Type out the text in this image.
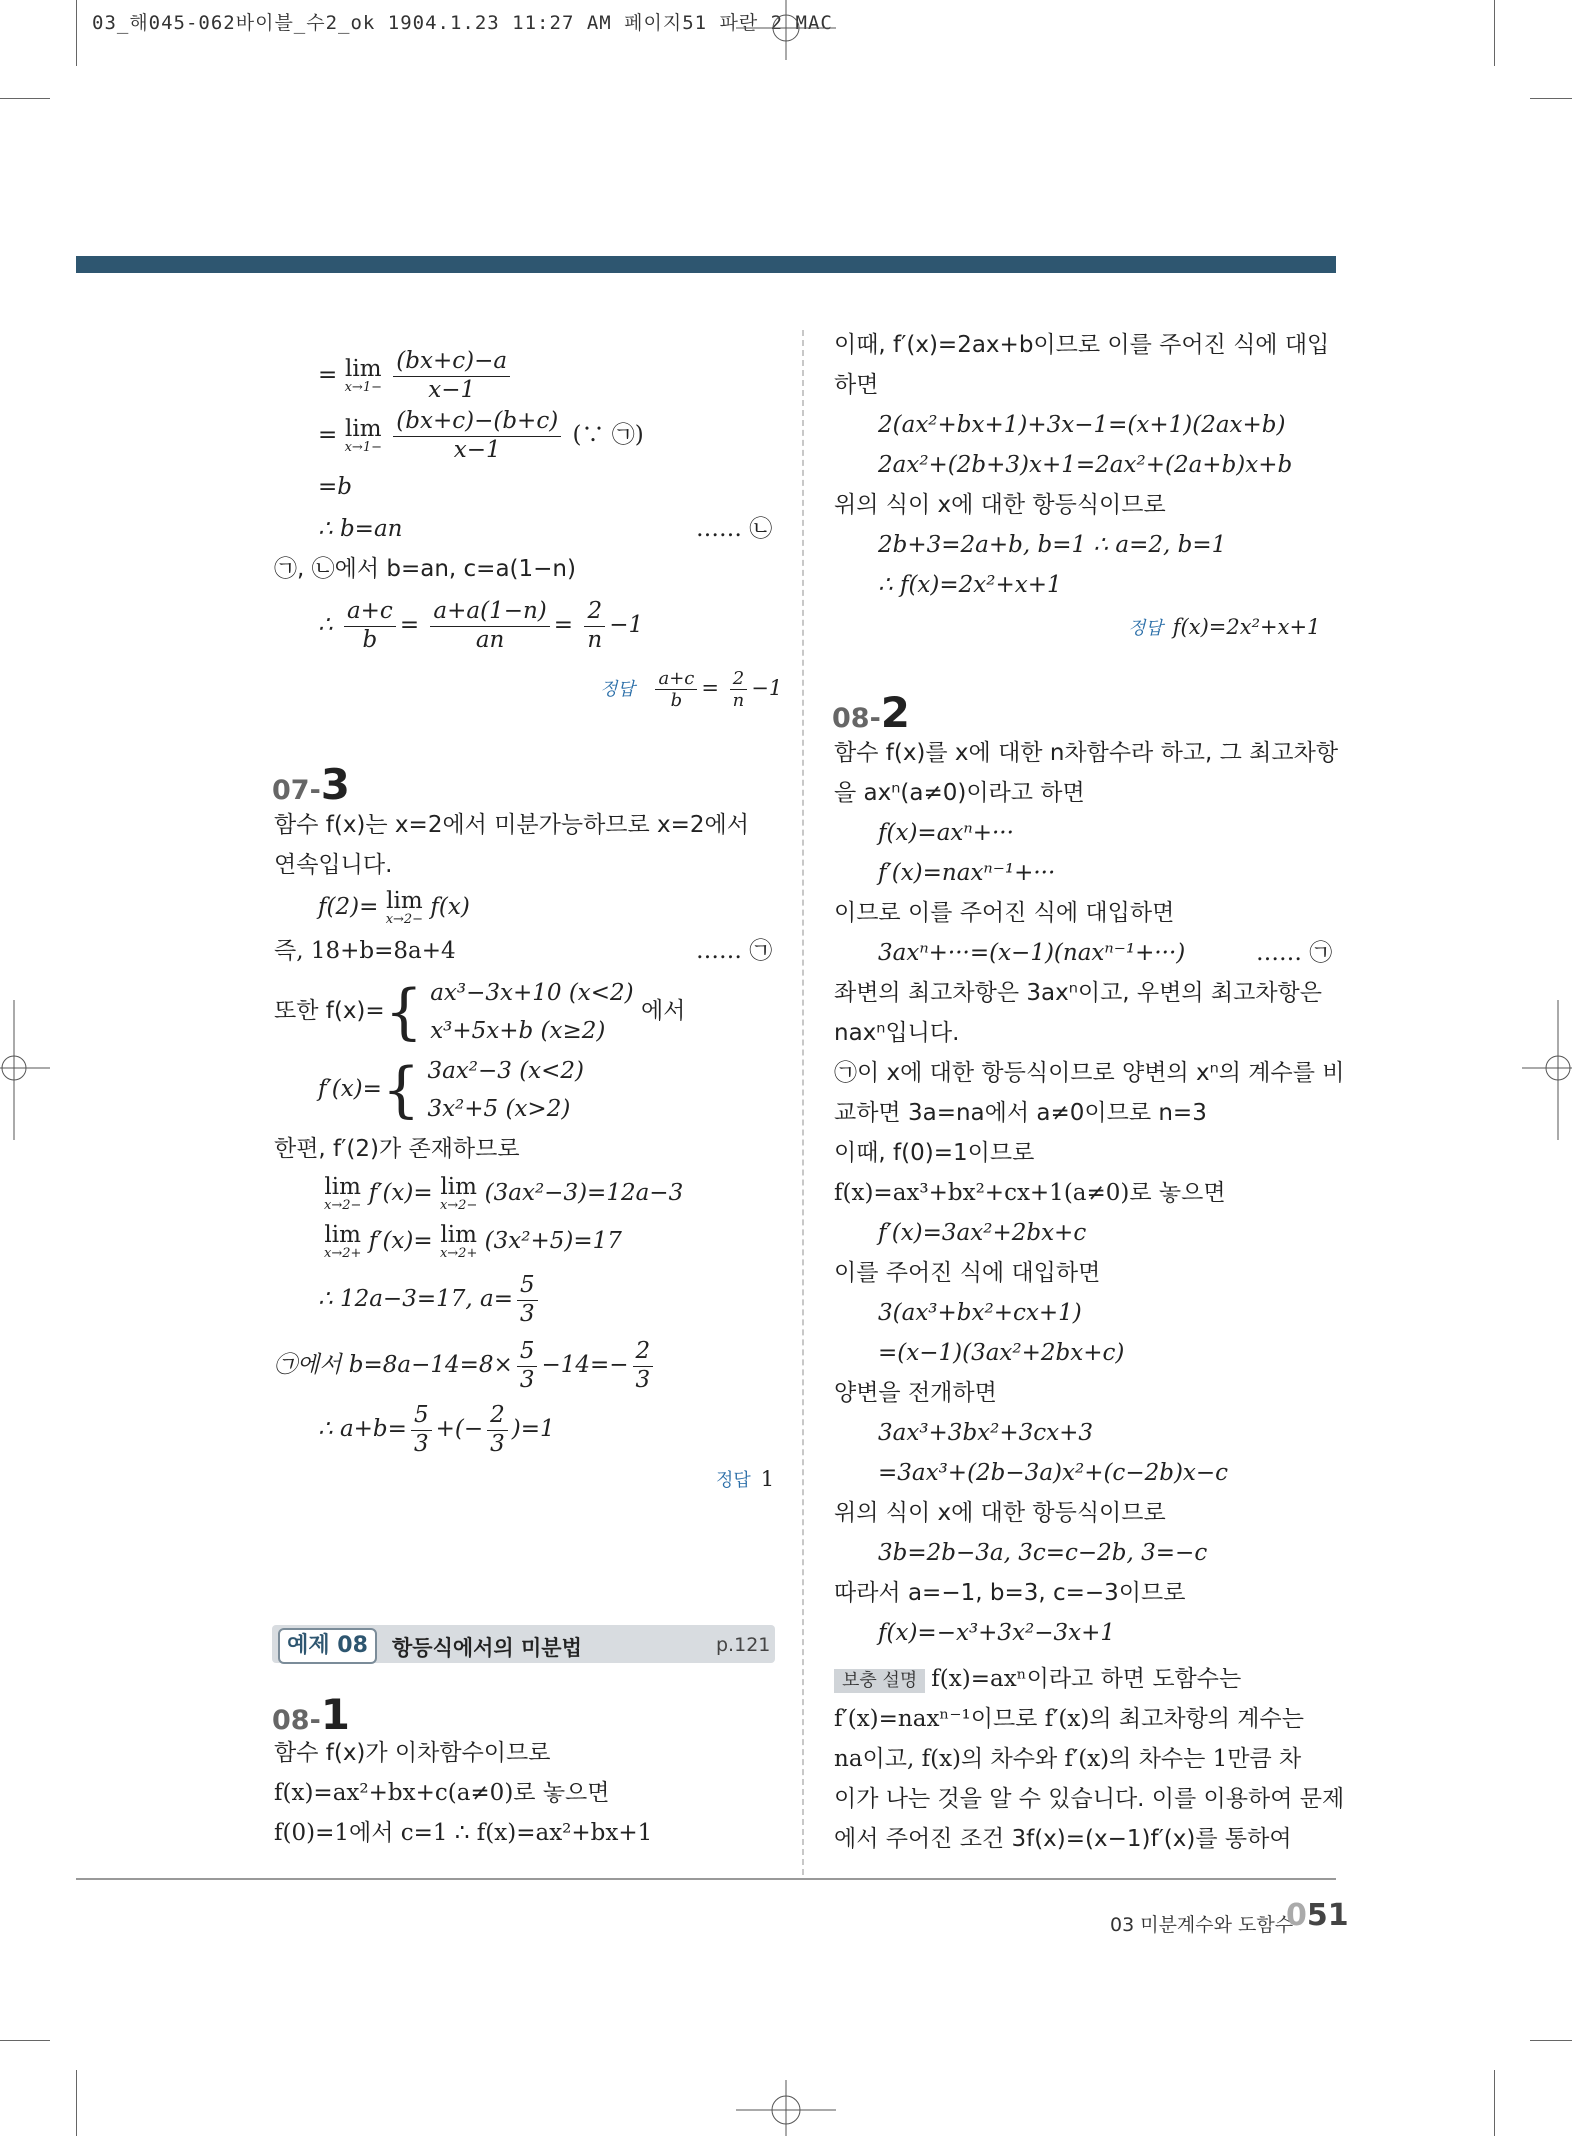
03_해045-062바이블_수2_ok 1904.1.23 11:27 AM 페이지51 파란 2 MAC
= lim
x→1−
$\frac{(bx+c)-a}{x-1}$
= lim
x→1−
$\frac{(bx+c)-(b+c)}{x-1}$ (∵ ㉠)
=b
∴ b=an	…… ㉡
㉠, ㉡에서 b=an, c=a(1−n)
∴ $\frac{a+c}{b} = \frac{a+a(1-n)}{an} = \frac{2}{n} -1$
정답 $\frac{a+c}{b} = \frac{2}{n} -1$
07-3
함수 f(x)는 x=2에서 미분가능하므로 x=2에서
연속입니다.
f(2)= lim
x→2− f(x)
즉, 18+b=8a+4	…… ㉠
또한 f(x)={ ax³−3x+10 (x<2)
x³+5x+b (x≥2)
에서
f′(x)={ 3ax²−3 (x<2)
3x²+5 (x>2)
한편, f′(2)가 존재하므로
lim
x→2− f′(x)= lim
x→2− (3ax²−3)=12a−3
lim
x→2+ f′(x)= lim
x→2+ (3x²+5)=17
∴ 12a−3=17, $a= \frac{5}{3}$
㉠에서 $b=8a-14=8\times \frac{5}{3} -14=- \frac{2}{3}$
∴ $a+b= \frac{5}{3}$ +(− $\frac{2}{3} )=1$
정답 1
예제 08	항등식에서의 미분법	p.121
08-1
함수 f(x)가 이차함수이므로
f(x)=ax²+bx+c(a≠0)로 놓으면
f(0)=1에서 c=1 ∴ f(x)=ax²+bx+1
이때, f′(x)=2ax+b이므로 이를 주어진 식에 대입
하면
2(ax²+bx+1)+3x−1=(x+1)(2ax+b)
2ax²+(2b+3)x+1=2ax²+(2a+b)x+b
위의 식이 x에 대한 항등식이므로
2b+3=2a+b, b=1 ∴ a=2, b=1
∴ f(x)=2x²+x+1
정답 f(x)=2x²+x+1
08-2
함수 f(x)를 x에 대한 n차함수라 하고, 그 최고차항
을 axⁿ(a≠0)이라고 하면
f(x)=axⁿ+···
f′(x)=naxⁿ⁻¹+···
이므로 이를 주어진 식에 대입하면
3axⁿ+···=(x−1)(naxⁿ⁻¹+···)	…… ㉠
좌변의 최고차항은 3axⁿ이고, 우변의 최고차항은
naxⁿ입니다.
㉠이 x에 대한 항등식이므로 양변의 xⁿ의 계수를 비
교하면 3a=na에서 a≠0이므로 n=3
이때, f(0)=1이므로
f(x)=ax³+bx²+cx+1(a≠0)로 놓으면
f′(x)=3ax²+2bx+c
이를 주어진 식에 대입하면
3(ax³+bx²+cx+1)
=(x−1)(3ax²+2bx+c)
양변을 전개하면
3ax³+3bx²+3cx+3
=3ax³+(2b−3a)x²+(c−2b)x−c
위의 식이 x에 대한 항등식이므로
3b=2b−3a, 3c=c−2b, 3=−c
따라서 a=−1, b=3, c=−3이므로
f(x)=−x³+3x²−3x+1
보충 설명 f(x)=axⁿ이라고 하면 도함수는
f′(x)=naxⁿ⁻¹이므로 f′(x)의 최고차항의 계수는
na이고, f(x)의 차수와 f′(x)의 차수는 1만큼 차
이가 나는 것을 알 수 있습니다. 이를 이용하여 문제
에서 주어진 조건 3f(x)=(x−1)f′(x)를 통하여
03 미분계수와 도함수
051
